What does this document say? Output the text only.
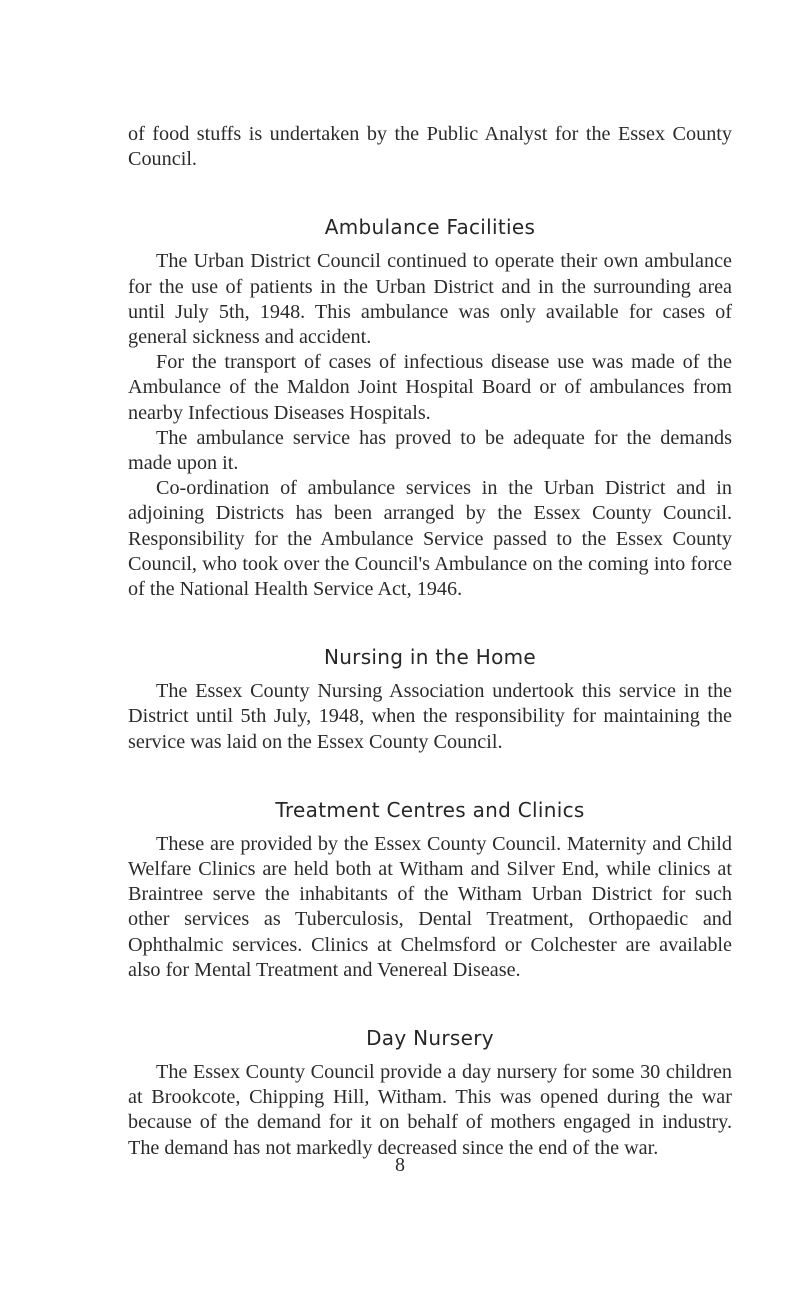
of food stuffs is undertaken by the Public Analyst for the Essex County Council.

Ambulance Facilities

The Urban District Council continued to operate their own ambulance for the use of patients in the Urban District and in the surrounding area until July 5th, 1948. This ambulance was only available for cases of general sickness and accident.

For the transport of cases of infectious disease use was made of the Ambulance of the Maldon Joint Hospital Board or of ambulances from nearby Infectious Diseases Hospitals.

The ambulance service has proved to be adequate for the demands made upon it.

Co-ordination of ambulance services in the Urban District and in adjoining Districts has been arranged by the Essex County Council. Responsibility for the Ambulance Service passed to the Essex County Council, who took over the Council's Ambulance on the coming into force of the National Health Service Act, 1946.

Nursing in the Home

The Essex County Nursing Association undertook this service in the District until 5th July, 1948, when the responsibility for maintaining the service was laid on the Essex County Council.

Treatment Centres and Clinics

These are provided by the Essex County Council. Maternity and Child Welfare Clinics are held both at Witham and Silver End, while clinics at Braintree serve the inhabitants of the Witham Urban District for such other services as Tuberculosis, Dental Treatment, Orthopaedic and Ophthalmic services. Clinics at Chelmsford or Colchester are available also for Mental Treatment and Venereal Disease.

Day Nursery

The Essex County Council provide a day nursery for some 30 children at Brookcote, Chipping Hill, Witham. This was opened during the war because of the demand for it on behalf of mothers engaged in industry. The demand has not markedly decreased since the end of the war.

8
